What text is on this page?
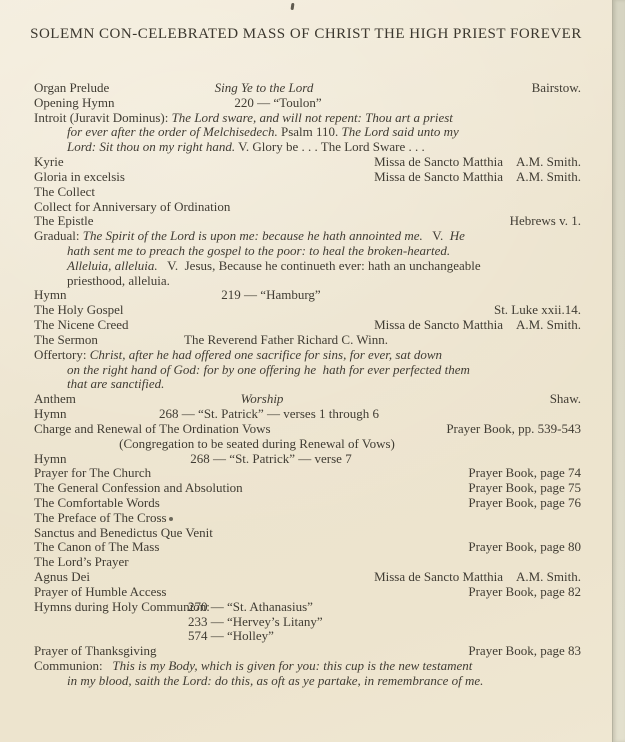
SOLEMN CON-CELEBRATED MASS OF CHRIST THE HIGH PRIEST FOREVER
Organ Prelude	Sing Ye to the Lord	Bairstow.
Opening Hymn	220 — “Toulon”
Introit (Juravit Dominus): The Lord sware, and will not repent: Thou art a priest
for ever after the order of Melchisedech. Psalm 110. The Lord said unto my
Lord: Sit thou on my right hand. V. Glory be . . . The Lord Sware . . .
Kyrie	Missa de Sancto Matthia A.M. Smith.
Gloria in excelsis	Missa de Sancto Matthia A.M. Smith.
The Collect
Collect for Anniversary of Ordination
The Epistle	Hebrews v. 1.
Gradual: The Spirit of the Lord is upon me: because he hath annointed me.   V.  He
hath sent me to preach the gospel to the poor: to heal the broken-hearted.
Alleluia, alleluia.   V.  Jesus, Because he continueth ever: hath an unchangeable
priesthood, alleluia.
Hymn	219 — “Hamburg”
The Holy Gospel	St. Luke xxii.14.
The Nicene Creed	Missa de Sancto Matthia A.M. Smith.
The Sermon	The Reverend Father Richard C. Winn.
Offertory: Christ, after he had offered one sacrifice for sins, for ever, sat down
on the right hand of God: for by one offering he  hath for ever perfected them
that are sanctified.
Anthem	Worship	Shaw.
Hymn	268 — “St. Patrick” — verses 1 through 6
Charge and Renewal of The Ordination Vows	Prayer Book, pp. 539-543
(Congregation to be seated during Renewal of Vows)
Hymn	268 — “St. Patrick” — verse 7
Prayer for The Church	Prayer Book, page 74
The General Confession and Absolution	Prayer Book, page 75
The Comfortable Words	Prayer Book, page 76
The Preface of The Cross
Sanctus and Benedictus Que Venit
The Canon of The Mass	Prayer Book, page 80
The Lord’s Prayer
Agnus Dei	Missa de Sancto Matthia A.M. Smith.
Prayer of Humble Access	Prayer Book, page 82
Hymns during Holy Communion:
270 — “St. Athanasius”
233 — “Hervey’s Litany”
574 — “Holley”
Prayer of Thanksgiving	Prayer Book, page 83
Communion:   This is my Body, which is given for you: this cup is the new testament
in my blood, saith the Lord: do this, as oft as ye partake, in remembrance of me.
